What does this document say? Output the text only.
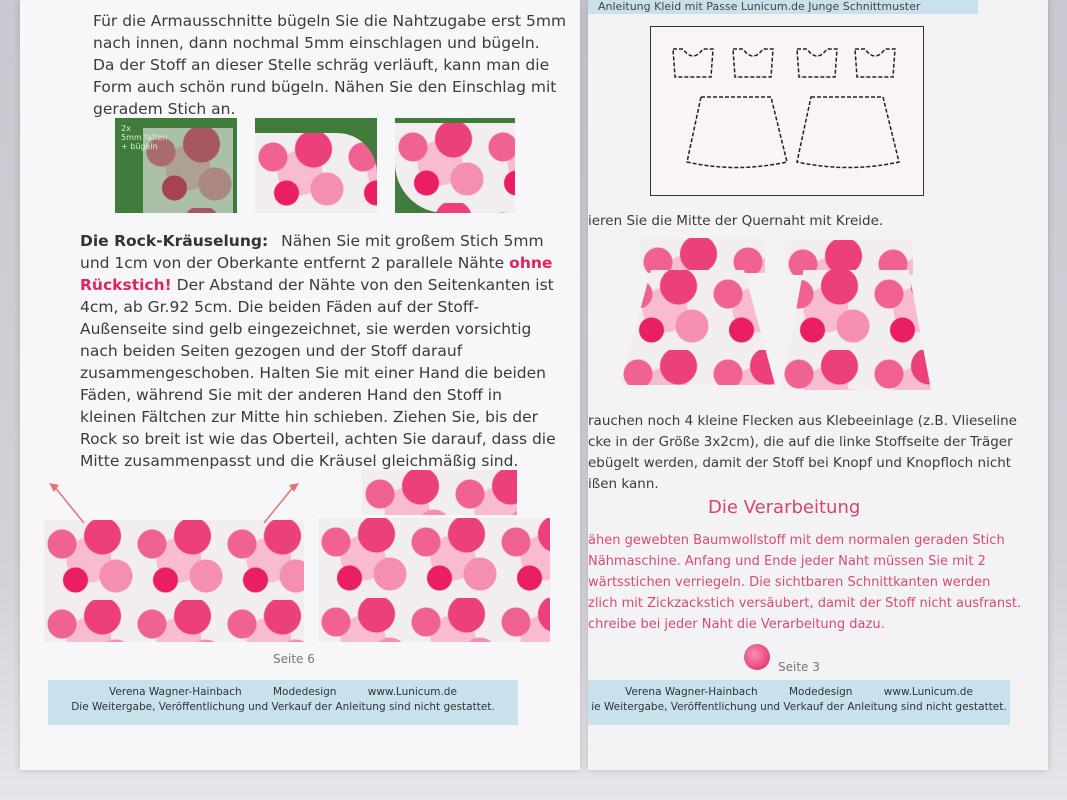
Für die Armausschnitte bügeln Sie die Nahtzugabe erst 5mm
nach innen, dann nochmal 5mm einschlagen und bügeln.
Da der Stoff an dieser Stelle schräg verläuft, kann man die
Form auch schön rund bügeln. Nähen Sie den Einschlag mit
geradem Stich an.
2x
5mm falten
+ bügeln
Die Rock-Kräuselung: Nähen Sie mit großem Stich 5mm
und 1cm von der Oberkante entfernt 2 parallele Nähte ohne
Rückstich! Der Abstand der Nähte von den Seitenkanten ist
4cm, ab Gr.92 5cm. Die beiden Fäden auf der Stoff-
Außenseite sind gelb eingezeichnet, sie werden vorsichtig
nach beiden Seiten gezogen und der Stoff darauf
zusammengeschoben. Halten Sie mit einer Hand die beiden
Fäden, während Sie mit der anderen Hand den Stoff in
kleinen Fältchen zur Mitte hin schieben. Ziehen Sie, bis der
Rock so breit ist wie das Oberteil, achten Sie darauf, dass die
Mitte zusammenpasst und die Kräusel gleichmäßig sind.
Seite 6
Verena Wagner-Hainbach	Modedesign	www.Lunicum.de
Die Weitergabe, Veröffentlichung und Verkauf der Anleitung sind nicht gestattet.
Anleitung Kleid mit Passe Lunicum.de Junge Schnittmuster
ieren Sie die Mitte der Quernaht mit Kreide.
rauchen noch 4 kleine Flecken aus Klebeeinlage (z.B. Vlieseline
cke in der Größe 3x2cm), die auf die linke Stoffseite der Träger
ebügelt werden, damit der Stoff bei Knopf und Knopfloch nicht
ißen kann.
Die Verarbeitung
ähen gewebten Baumwollstoff mit dem normalen geraden Stich
Nähmaschine. Anfang und Ende jeder Naht müssen Sie mit 2
wärtsstichen verriegeln. Die sichtbaren Schnittkanten werden
zlich mit Zickzackstich versäubert, damit der Stoff nicht ausfranst.
chreibe bei jeder Naht die Verarbeitung dazu.
Seite 3
Verena Wagner-Hainbach	Modedesign	www.Lunicum.de
ie Weitergabe, Veröffentlichung und Verkauf der Anleitung sind nicht gestattet.
